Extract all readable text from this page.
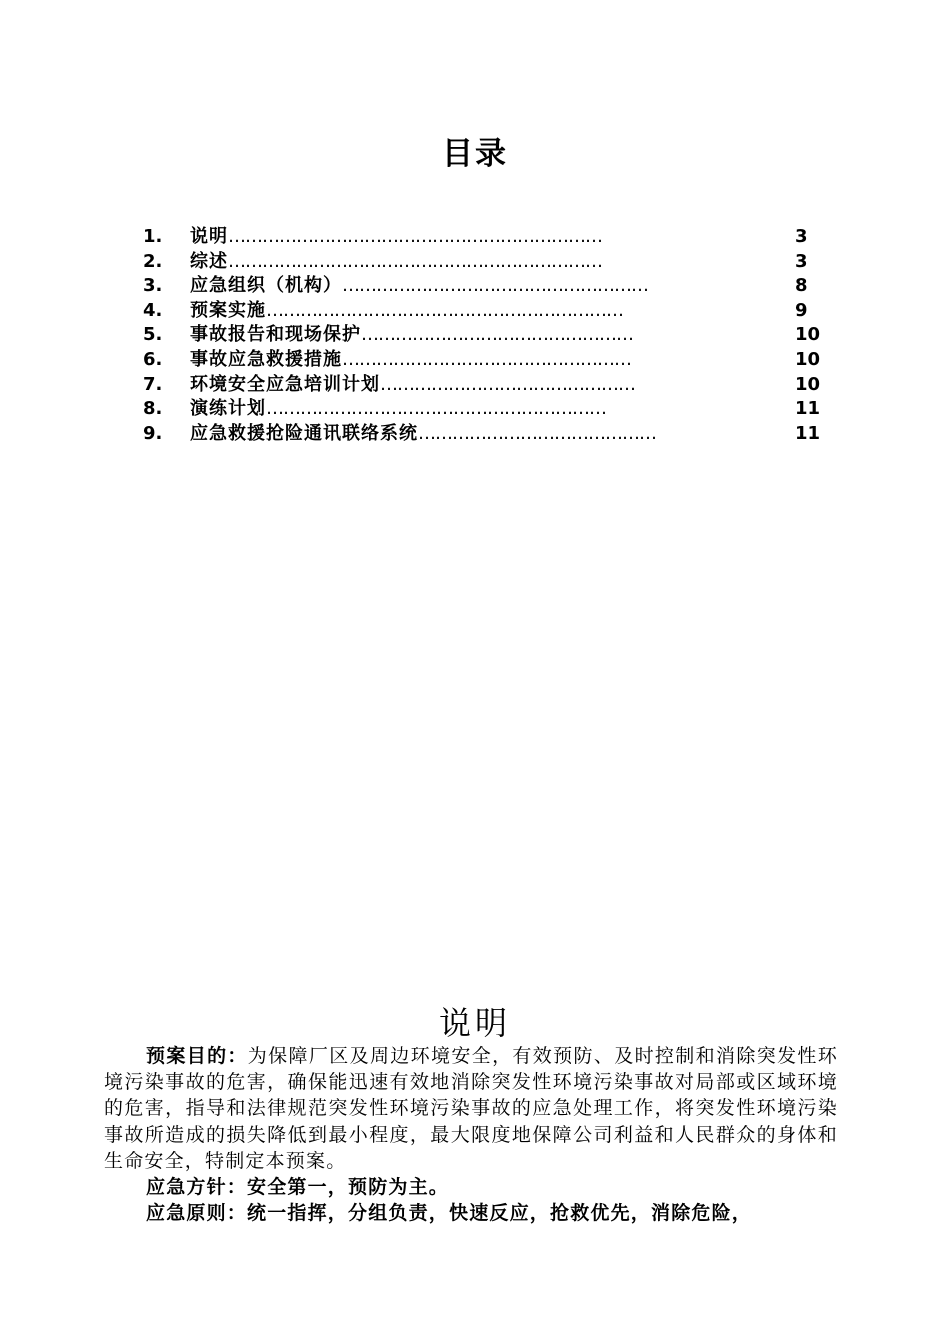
目录
1. 说明 …………………………………………………………	3
2. 综述 …………………………………………………………	3
3. 应急组织（机构） ………………………………………………	8
4. 预案实施 ………………………………………………………	9
5. 事故报告和现场保护 …………………………………………	10
6. 事故应急救援措施 ……………………………………………	10
7. 环境安全应急培训计划 ………………………………………	10
8. 演练计划 ……………………………………………………	11
9. 应急救援抢险通讯联络系统 ……………………………………	11
说明

预案目的：为保障厂区及周边环境安全，有效预防、及时控制和消除突发性环境污染事故的危害，确保能迅速有效地消除突发性环境污染事故对局部或区域环境的危害，指导和法律规范突发性环境污染事故的应急处理工作，将突发性环境污染事故所造成的损失降低到最小程度，最大限度地保障公司利益和人民群众的身体和生命安全，特制定本预案。

应急方针：安全第一，预防为主。

应急原则：统一指挥，分组负责，快速反应，抢救优先，消除危险，
